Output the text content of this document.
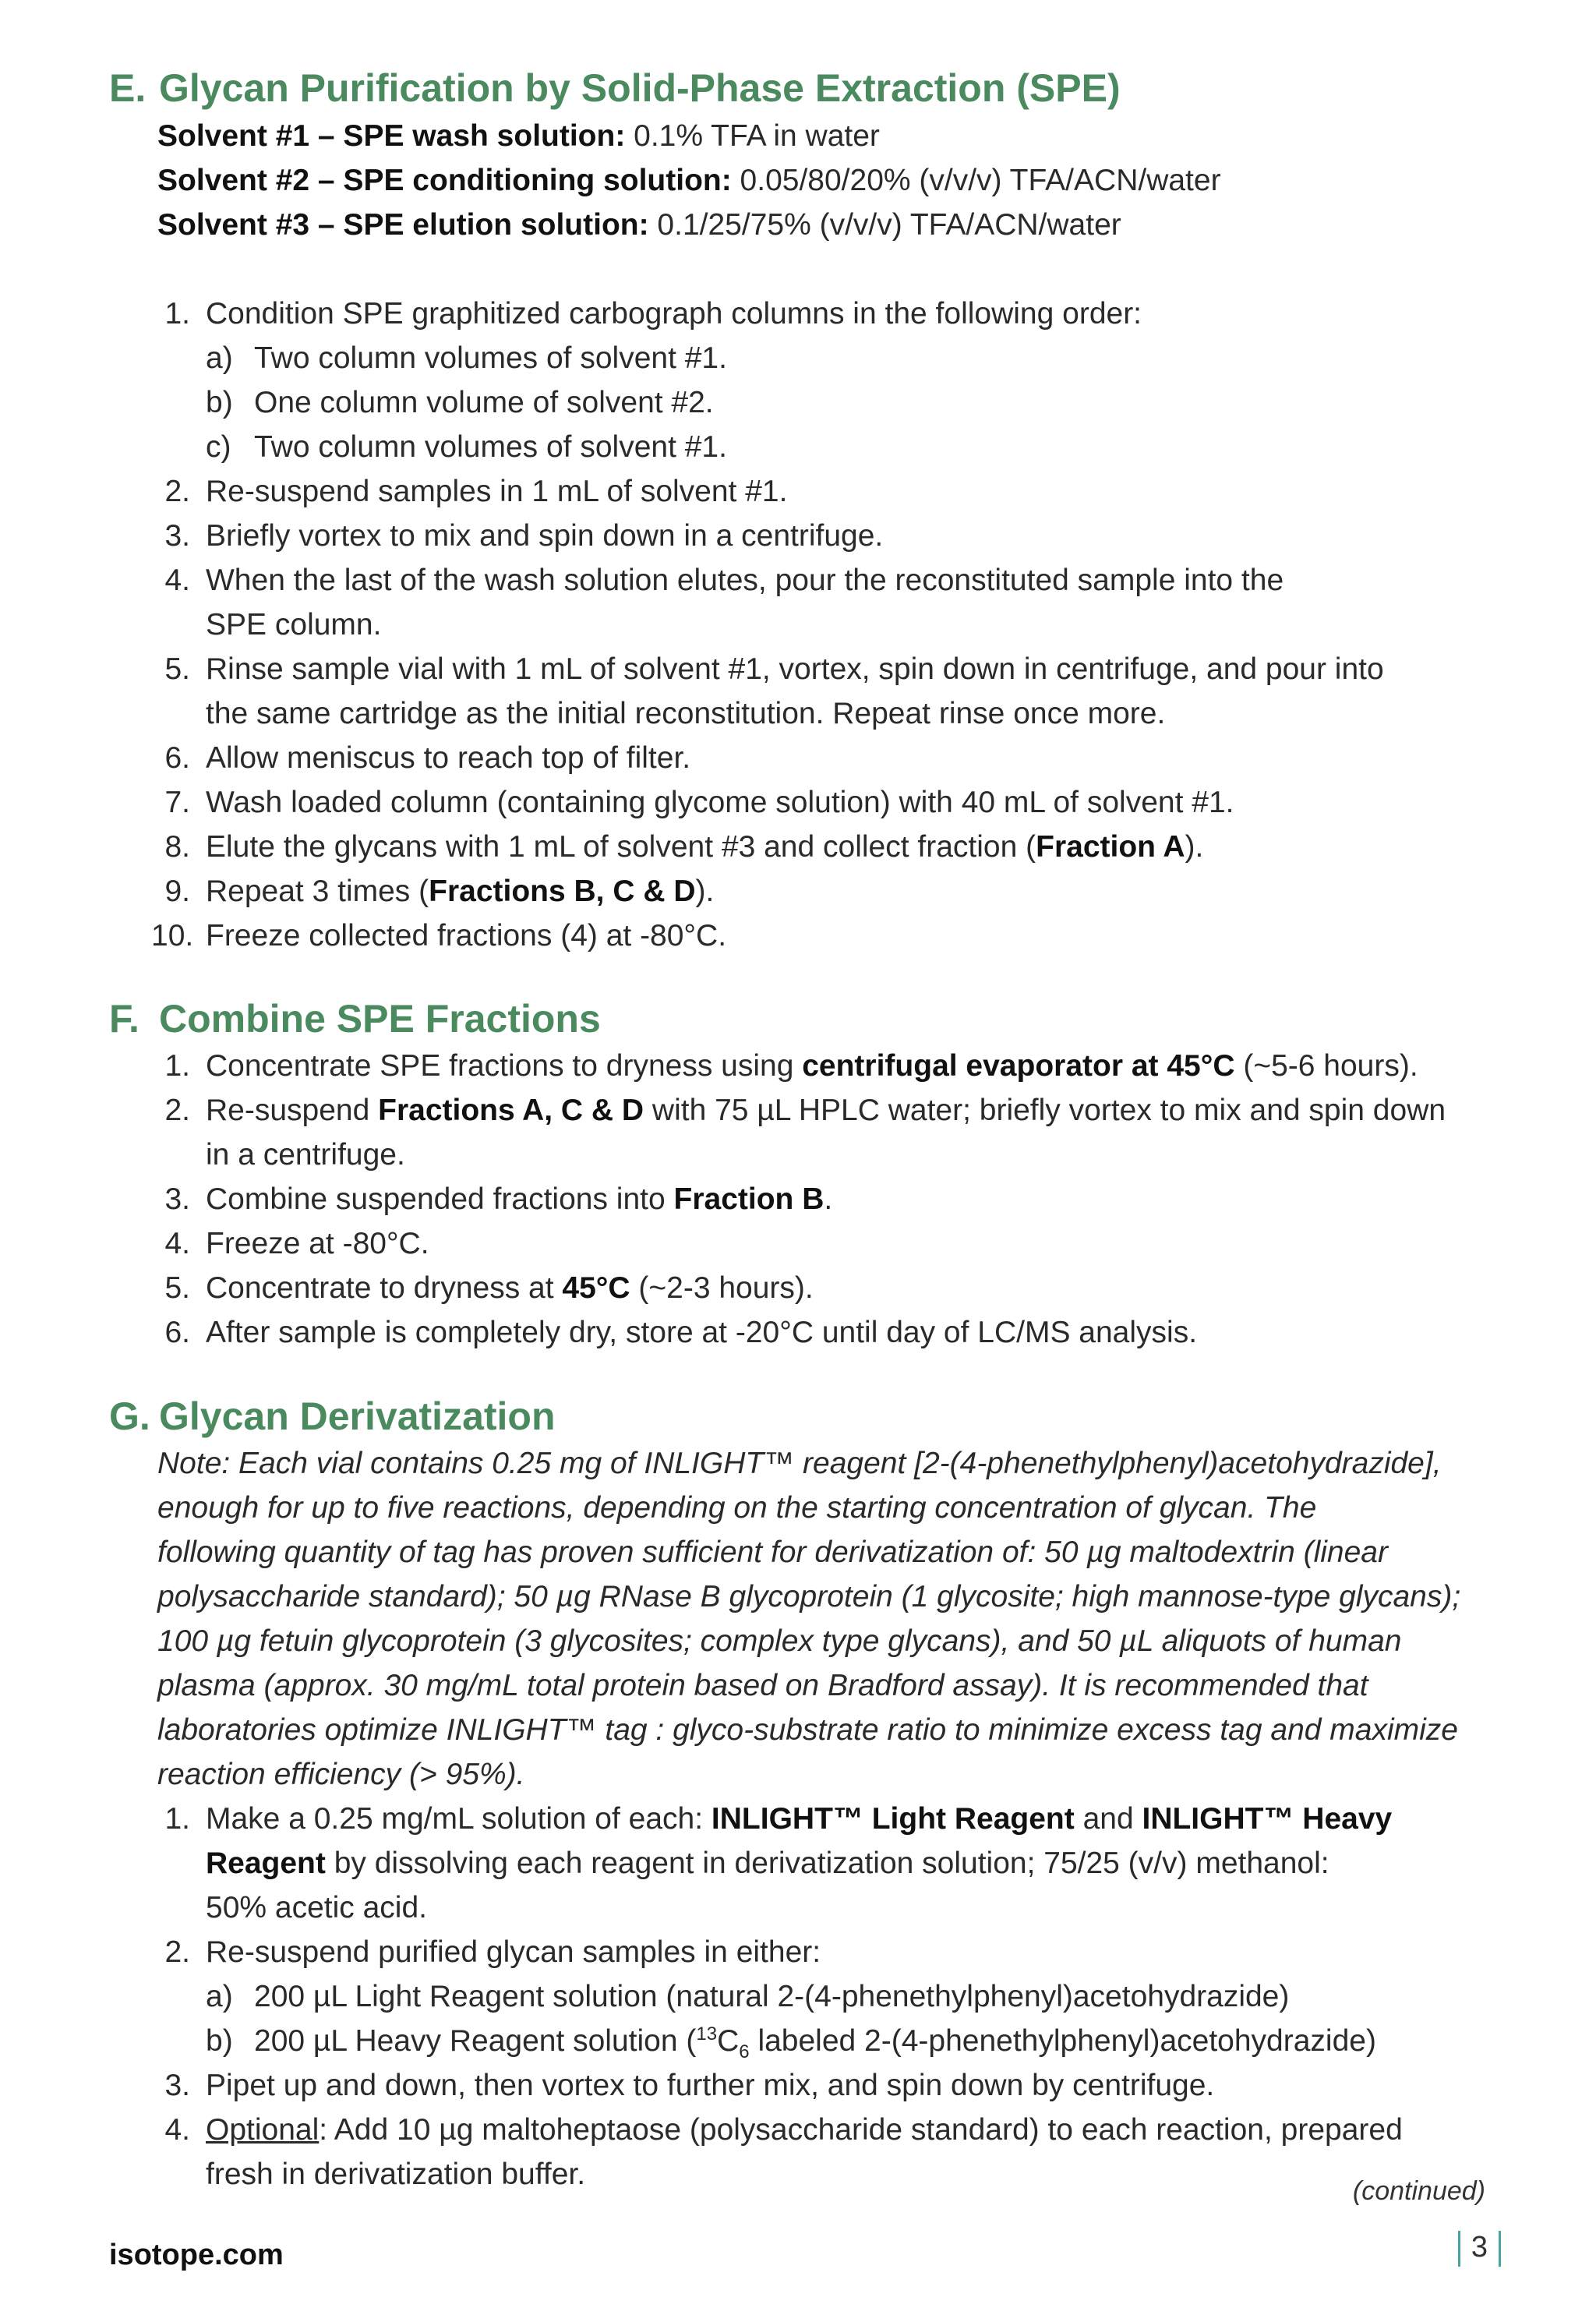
E. Glycan Purification by Solid-Phase Extraction (SPE)
Solvent #1 – SPE wash solution: 0.1% TFA in water
Solvent #2 – SPE conditioning solution: 0.05/80/20% (v/v/v) TFA/ACN/water
Solvent #3 – SPE elution solution: 0.1/25/75% (v/v/v) TFA/ACN/water
1. Condition SPE graphitized carbograph columns in the following order:
a) Two column volumes of solvent #1.
b) One column volume of solvent #2.
c) Two column volumes of solvent #1.
2. Re-suspend samples in 1 mL of solvent #1.
3. Briefly vortex to mix and spin down in a centrifuge.
4. When the last of the wash solution elutes, pour the reconstituted sample into the
SPE column.
5. Rinse sample vial with 1 mL of solvent #1, vortex, spin down in centrifuge, and pour into
the same cartridge as the initial reconstitution. Repeat rinse once more.
6. Allow meniscus to reach top of filter.
7. Wash loaded column (containing glycome solution) with 40 mL of solvent #1.
8. Elute the glycans with 1 mL of solvent #3 and collect fraction (Fraction A).
9. Repeat 3 times (Fractions B, C & D).
10. Freeze collected fractions (4) at -80°C.
F. Combine SPE Fractions
1. Concentrate SPE fractions to dryness using centrifugal evaporator at 45°C (~5-6 hours).
2. Re-suspend Fractions A, C & D with 75 µL HPLC water; briefly vortex to mix and spin down
in a centrifuge.
3. Combine suspended fractions into Fraction B.
4. Freeze at -80°C.
5. Concentrate to dryness at 45°C (~2-3 hours).
6. After sample is completely dry, store at -20°C until day of LC/MS analysis.
G. Glycan Derivatization
Note: Each vial contains 0.25 mg of INLIGHT™ reagent [2-(4-phenethylphenyl)acetohydrazide],
enough for up to five reactions, depending on the starting concentration of glycan. The
following quantity of tag has proven sufficient for derivatization of: 50 µg maltodextrin (linear
polysaccharide standard); 50 µg RNase B glycoprotein (1 glycosite; high mannose-type glycans);
100 µg fetuin glycoprotein (3 glycosites; complex type glycans), and 50 µL aliquots of human
plasma (approx. 30 mg/mL total protein based on Bradford assay). It is recommended that
laboratories optimize INLIGHT™ tag : glyco-substrate ratio to minimize excess tag and maximize
reaction efficiency (> 95%).
1. Make a 0.25 mg/mL solution of each: INLIGHT™ Light Reagent and INLIGHT™ Heavy
Reagent by dissolving each reagent in derivatization solution; 75/25 (v/v) methanol:
50% acetic acid.
2. Re-suspend purified glycan samples in either:
a) 200 µL Light Reagent solution (natural 2-(4-phenethylphenyl)acetohydrazide)
b) 200 µL Heavy Reagent solution ($^{13}C_6$ labeled 2-(4-phenethylphenyl)acetohydrazide)
3. Pipet up and down, then vortex to further mix, and spin down by centrifuge.
4. Optional: Add 10 µg maltoheptaose (polysaccharide standard) to each reaction, prepared
fresh in derivatization buffer.	(continued)
isotope.com	3
